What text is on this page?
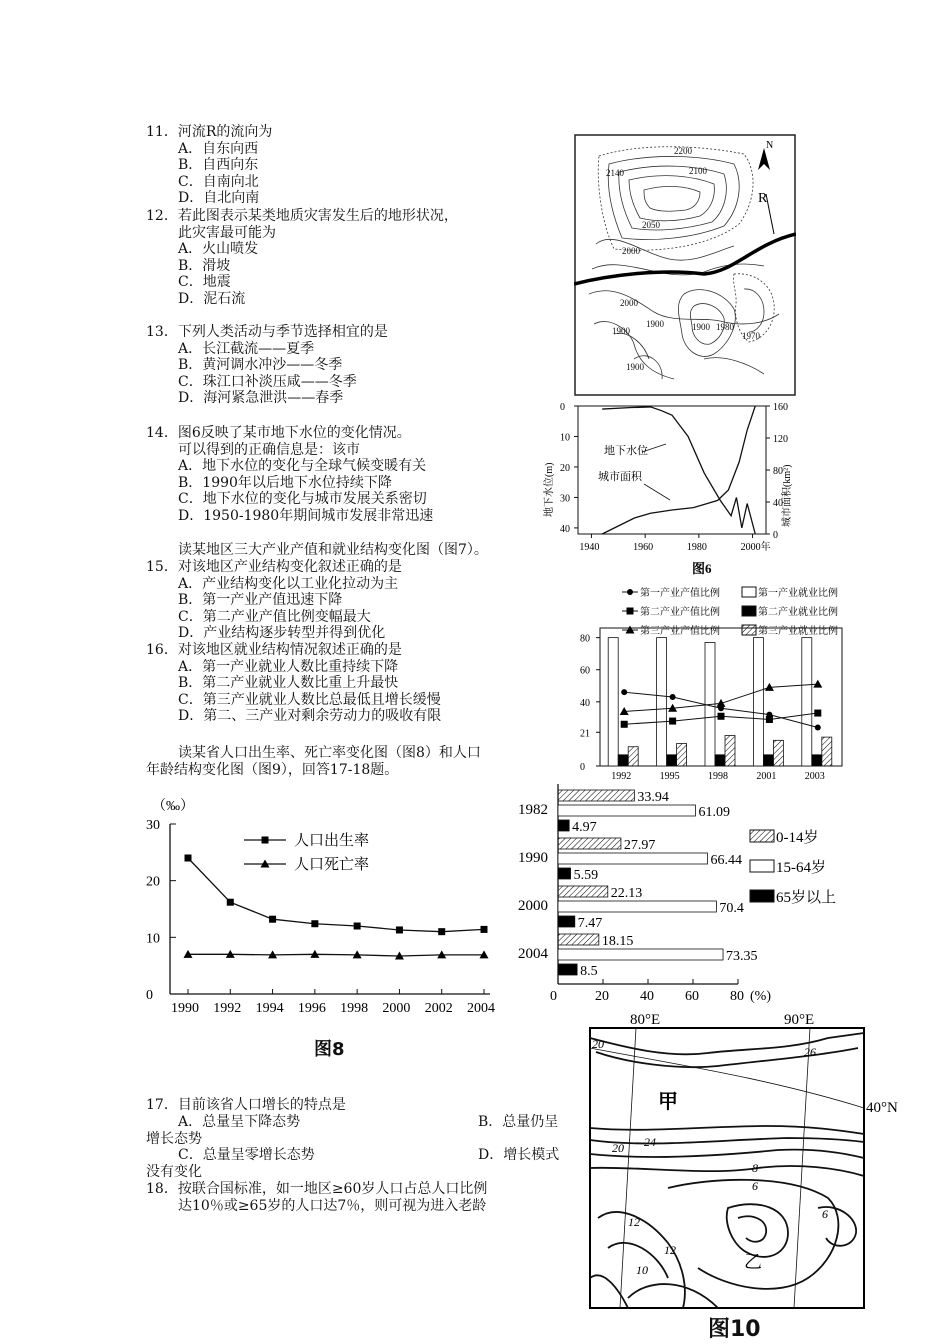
11．河流R的流向为
A．自东向西
B．自西向东
C．自南向北
D．自北向南
12．若此图表示某类地质灾害发生后的地形状况，
此灾害最可能为
A．火山喷发
B．滑坡
C．地震
D．泥石流
13．下列人类活动与季节选择相宜的是
A．长江截流——夏季
B．黄河调水冲沙——冬季
C．珠江口补淡压咸——冬季
D．海河紧急泄洪——春季
14．图6反映了某市地下水位的变化情况。
可以得到的正确信息是：该市
A．地下水位的变化与全球气候变暖有关
B．1990年以后地下水位持续下降
C．地下水位的变化与城市发展关系密切
D．1950-1980年期间城市发展非常迅速
读某地区三大产业产值和就业结构变化图（图7）。
15．对该地区产业结构变化叙述正确的是
A．产业结构变化以工业化拉动为主
B．第一产业产值迅速下降
C．第二产业产值比例变幅最大
D．产业结构逐步转型并得到优化
16．对该地区就业结构情况叙述正确的是
A．第一产业就业人数比重持续下降
B．第二产业就业人数比重上升最快
C．第三产业就业人数比总最低且增长缓慢
D．第二、三产业对剩余劳动力的吸收有限
读某省人口出生率、死亡率变化图（图8）和人口
年龄结构变化图（图9），回答17-18题。
17．目前该省人口增长的特点是
A．总量呈下降态势	B．总量仍呈
增长态势
C．总量呈零增长态势	D．增长模式
没有变化
18．按联合国标准，如一地区≥60岁人口占总人口比例
达10％或≥65岁的人口达7％，则可视为进入老龄
2200
2140	2100
2050
2000
2000
1900
1900	1900 1980
1970
1900
N
R
地下水位(m)	城市面积(km²)
1940	1960	1980	2000年
0
10
20
30
40
0
40
80
120
160
地下水位
城市面积
图6
第一产业产值比例	第一产业就业比例
第二产业产值比例	第二产业就业比例
第三产业产值比例	第三产业就业比例
0
21
40
60
80
1992	1995	1998	2001	2003
（‰）
0
10
20
30
1990 1992 1994 1996 1998 2000 2002 2004
人口出生率
人口死亡率
图8
0	20 40 60 80 (%)
1982
33.94
61.09
4.97
1990
27.97
66.44
5.59
2000
22.13
70.4
7.47
2004
18.15
73.35
8.5
0-14岁
15-64岁
65岁以上
80°E	90°E
40°N
甲
乙
20
26
20 24
8
6
6
12
12
10
图10
